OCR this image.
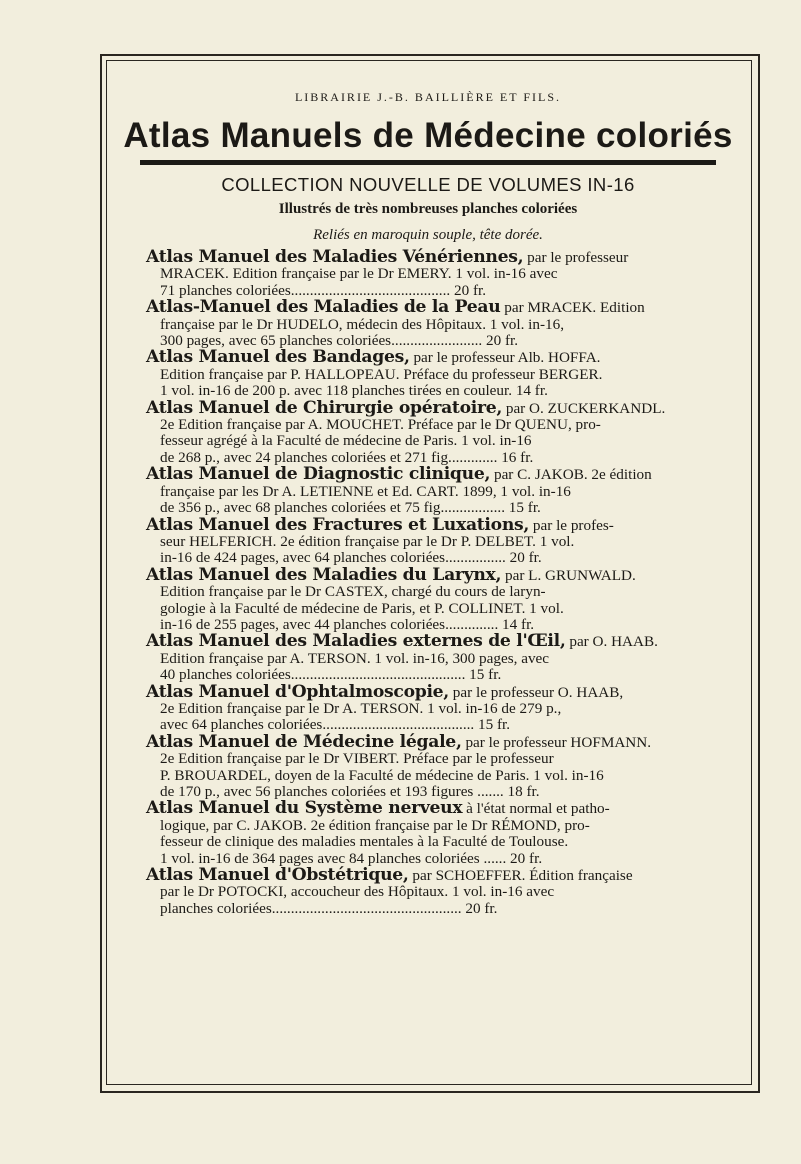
LIBRAIRIE J.-B. BAILLIÈRE ET FILS.
Atlas Manuels de Médecine coloriés
COLLECTION NOUVELLE DE VOLUMES IN-16
Illustrés de très nombreuses planches coloriées
Reliés en maroquin souple, tête dorée.
Atlas Manuel des Maladies Vénériennes, par le professeur
MRACEK. Edition française par le Dr EMERY. 1 vol. in-16 avec
71 planches coloriées.......................................... 20 fr.
Atlas-Manuel des Maladies de la Peau par MRACEK. Edition
française par le Dr HUDELO, médecin des Hôpitaux. 1 vol. in-16,
300 pages, avec 65 planches coloriées........................ 20 fr.
Atlas Manuel des Bandages, par le professeur Alb. HOFFA.
Edition française par P. HALLOPEAU. Préface du professeur BERGER.
1 vol. in-16 de 200 p. avec 118 planches tirées en couleur. 14 fr.
Atlas Manuel de Chirurgie opératoire, par O. ZUCKERKANDL.
2e Edition française par A. MOUCHET. Préface par le Dr QUENU, pro-
fesseur agrégé à la Faculté de médecine de Paris. 1 vol. in-16
de 268 p., avec 24 planches coloriées et 271 fig............. 16 fr.
Atlas Manuel de Diagnostic clinique, par C. JAKOB. 2e édition
française par les Dr A. LETIENNE et Ed. CART. 1899, 1 vol. in-16
de 356 p., avec 68 planches coloriées et 75 fig................. 15 fr.
Atlas Manuel des Fractures et Luxations, par le profes-
seur HELFERICH. 2e édition française par le Dr P. DELBET. 1 vol.
in-16 de 424 pages, avec 64 planches coloriées................ 20 fr.
Atlas Manuel des Maladies du Larynx, par L. GRUNWALD.
Edition française par le Dr CASTEX, chargé du cours de laryn-
gologie à la Faculté de médecine de Paris, et P. COLLINET. 1 vol.
in-16 de 255 pages, avec 44 planches coloriées.............. 14 fr.
Atlas Manuel des Maladies externes de l'Œil, par O. HAAB.
Edition française par A. TERSON. 1 vol. in-16, 300 pages, avec
40 planches coloriées.............................................. 15 fr.
Atlas Manuel d'Ophtalmoscopie, par le professeur O. HAAB,
2e Edition française par le Dr A. TERSON. 1 vol. in-16 de 279 p.,
avec 64 planches coloriées........................................ 15 fr.
Atlas Manuel de Médecine légale, par le professeur HOFMANN.
2e Edition française par le Dr VIBERT. Préface par le professeur
P. BROUARDEL, doyen de la Faculté de médecine de Paris. 1 vol. in-16
de 170 p., avec 56 planches coloriées et 193 figures ....... 18 fr.
Atlas Manuel du Système nerveux à l'état normal et patho-
logique, par C. JAKOB. 2e édition française par le Dr RÉMOND, pro-
fesseur de clinique des maladies mentales à la Faculté de Toulouse.
1 vol. in-16 de 364 pages avec 84 planches coloriées ...... 20 fr.
Atlas Manuel d'Obstétrique, par SCHOEFFER. Édition française
par le Dr POTOCKI, accoucheur des Hôpitaux. 1 vol. in-16 avec
planches coloriées.................................................. 20 fr.
